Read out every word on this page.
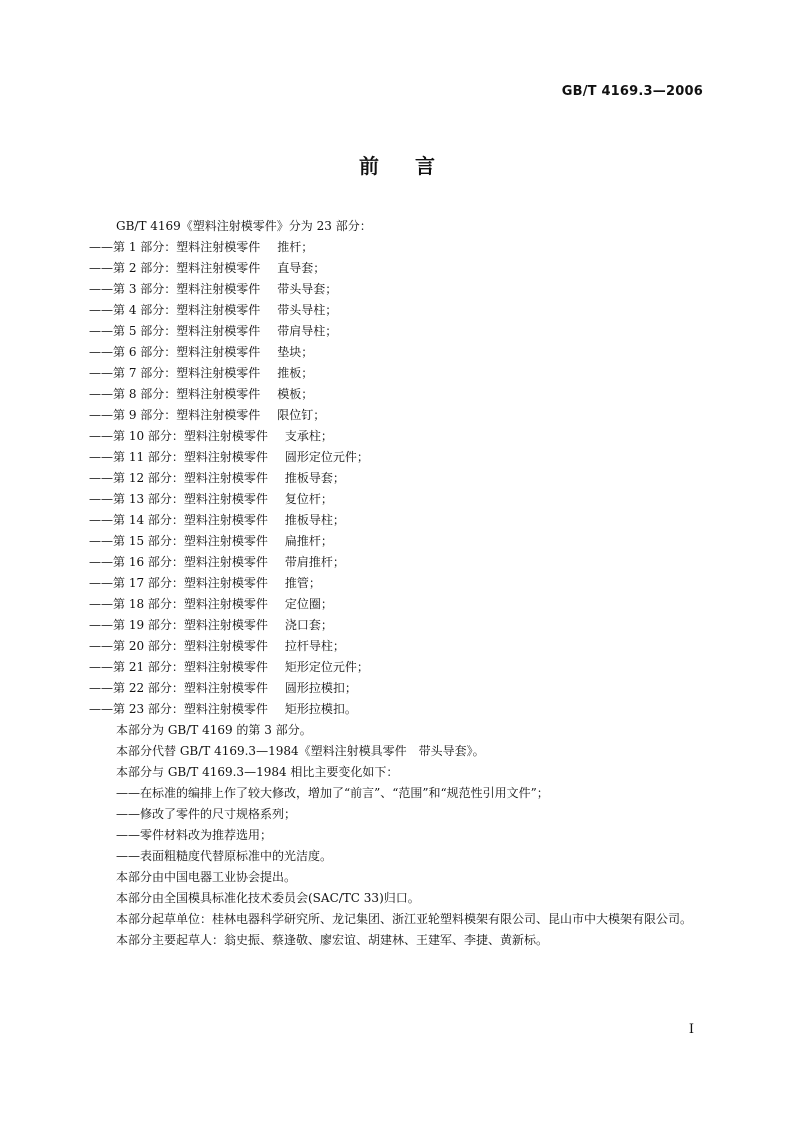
GB/T 4169.3—2006
前 言
GB/T 4169《塑料注射模零件》分为 23 部分：
——第 1 部分：塑料注射模零件 推杆；
——第 2 部分：塑料注射模零件 直导套；
——第 3 部分：塑料注射模零件 带头导套；
——第 4 部分：塑料注射模零件 带头导柱；
——第 5 部分：塑料注射模零件 带肩导柱；
——第 6 部分：塑料注射模零件 垫块；
——第 7 部分：塑料注射模零件 推板；
——第 8 部分：塑料注射模零件 模板；
——第 9 部分：塑料注射模零件 限位钉；
——第 10 部分：塑料注射模零件 支承柱；
——第 11 部分：塑料注射模零件 圆形定位元件；
——第 12 部分：塑料注射模零件 推板导套；
——第 13 部分：塑料注射模零件 复位杆；
——第 14 部分：塑料注射模零件 推板导柱；
——第 15 部分：塑料注射模零件 扁推杆；
——第 16 部分：塑料注射模零件 带肩推杆；
——第 17 部分：塑料注射模零件 推管；
——第 18 部分：塑料注射模零件 定位圈；
——第 19 部分：塑料注射模零件 浇口套；
——第 20 部分：塑料注射模零件 拉杆导柱；
——第 21 部分：塑料注射模零件 矩形定位元件；
——第 22 部分：塑料注射模零件 圆形拉模扣；
——第 23 部分：塑料注射模零件 矩形拉模扣。
本部分为 GB/T 4169 的第 3 部分。
本部分代替 GB/T 4169.3—1984《塑料注射模具零件　带头导套》。
本部分与 GB/T 4169.3—1984 相比主要变化如下：
——在标准的编排上作了较大修改，增加了“前言”、“范围”和“规范性引用文件”；
——修改了零件的尺寸规格系列；
——零件材料改为推荐选用；
——表面粗糙度代替原标准中的光洁度。
本部分由中国电器工业协会提出。
本部分由全国模具标准化技术委员会(SAC/TC 33)归口。
本部分起草单位：桂林电器科学研究所、龙记集团、浙江亚轮塑料模架有限公司、昆山市中大模架有限公司。
本部分主要起草人：翁史振、蔡逢敬、廖宏谊、胡建林、王建军、李捷、黄新标。
I
